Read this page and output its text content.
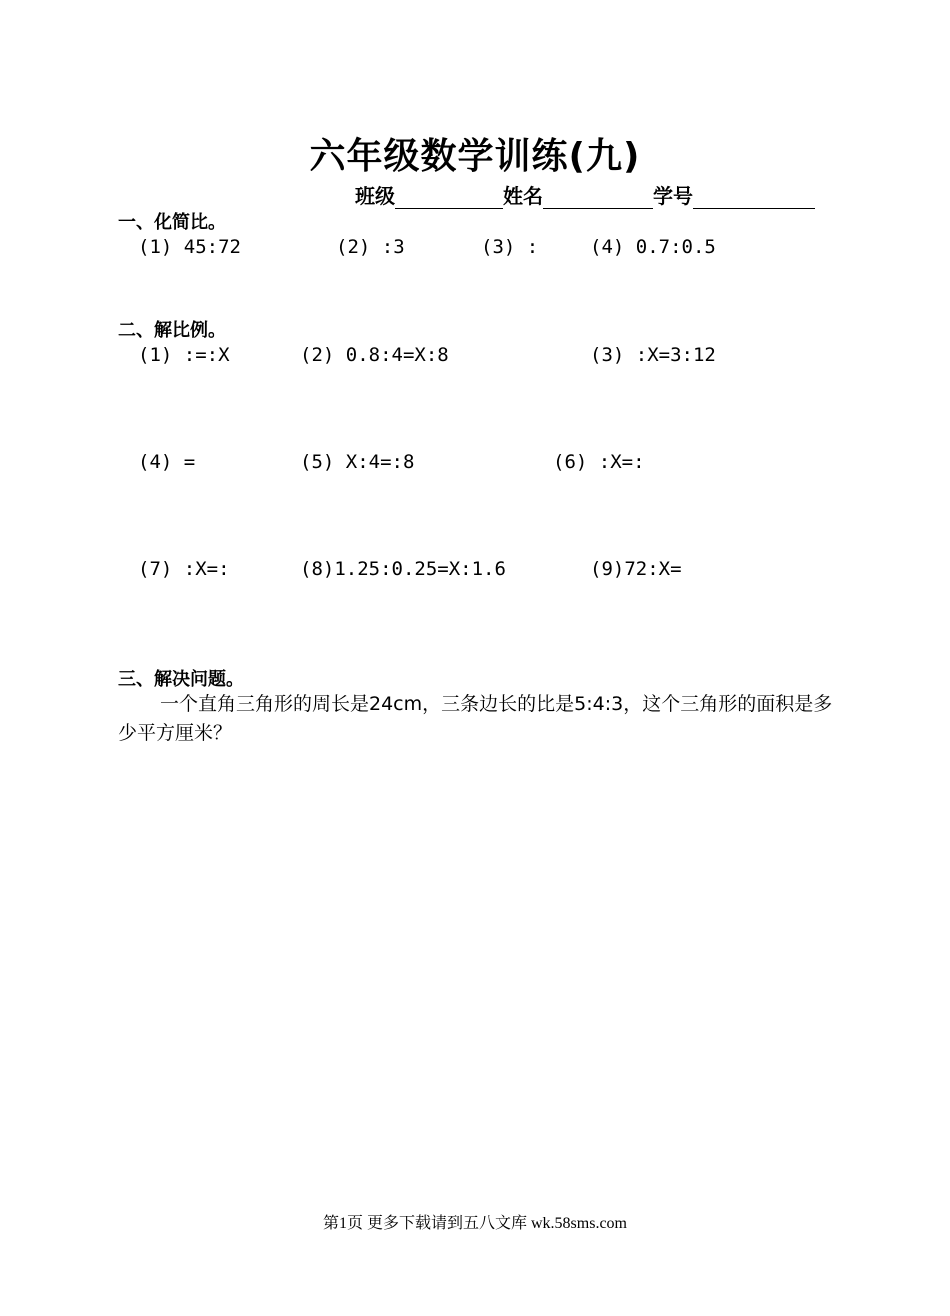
六年级数学训练(九)
班级	姓名	学号
一、化简比。
(1) 45:72	(2) :3	(3) :	(4) 0.7:0.5
二、解比例。
(1) :=:X	(2) 0.8:4=X:8	(3) :X=3:12
(4) =	(5) X:4=:8	(6) :X=:
(7) :X=:	(8)1.25:0.25=X:1.6	(9)72:X=
三、解决问题。
一个直角三角形的周长是24cm，三条边长的比是5:4:3，这个三角形的面积是多少平方厘米？
第1页 更多下载请到五八文库 wk.58sms.com
